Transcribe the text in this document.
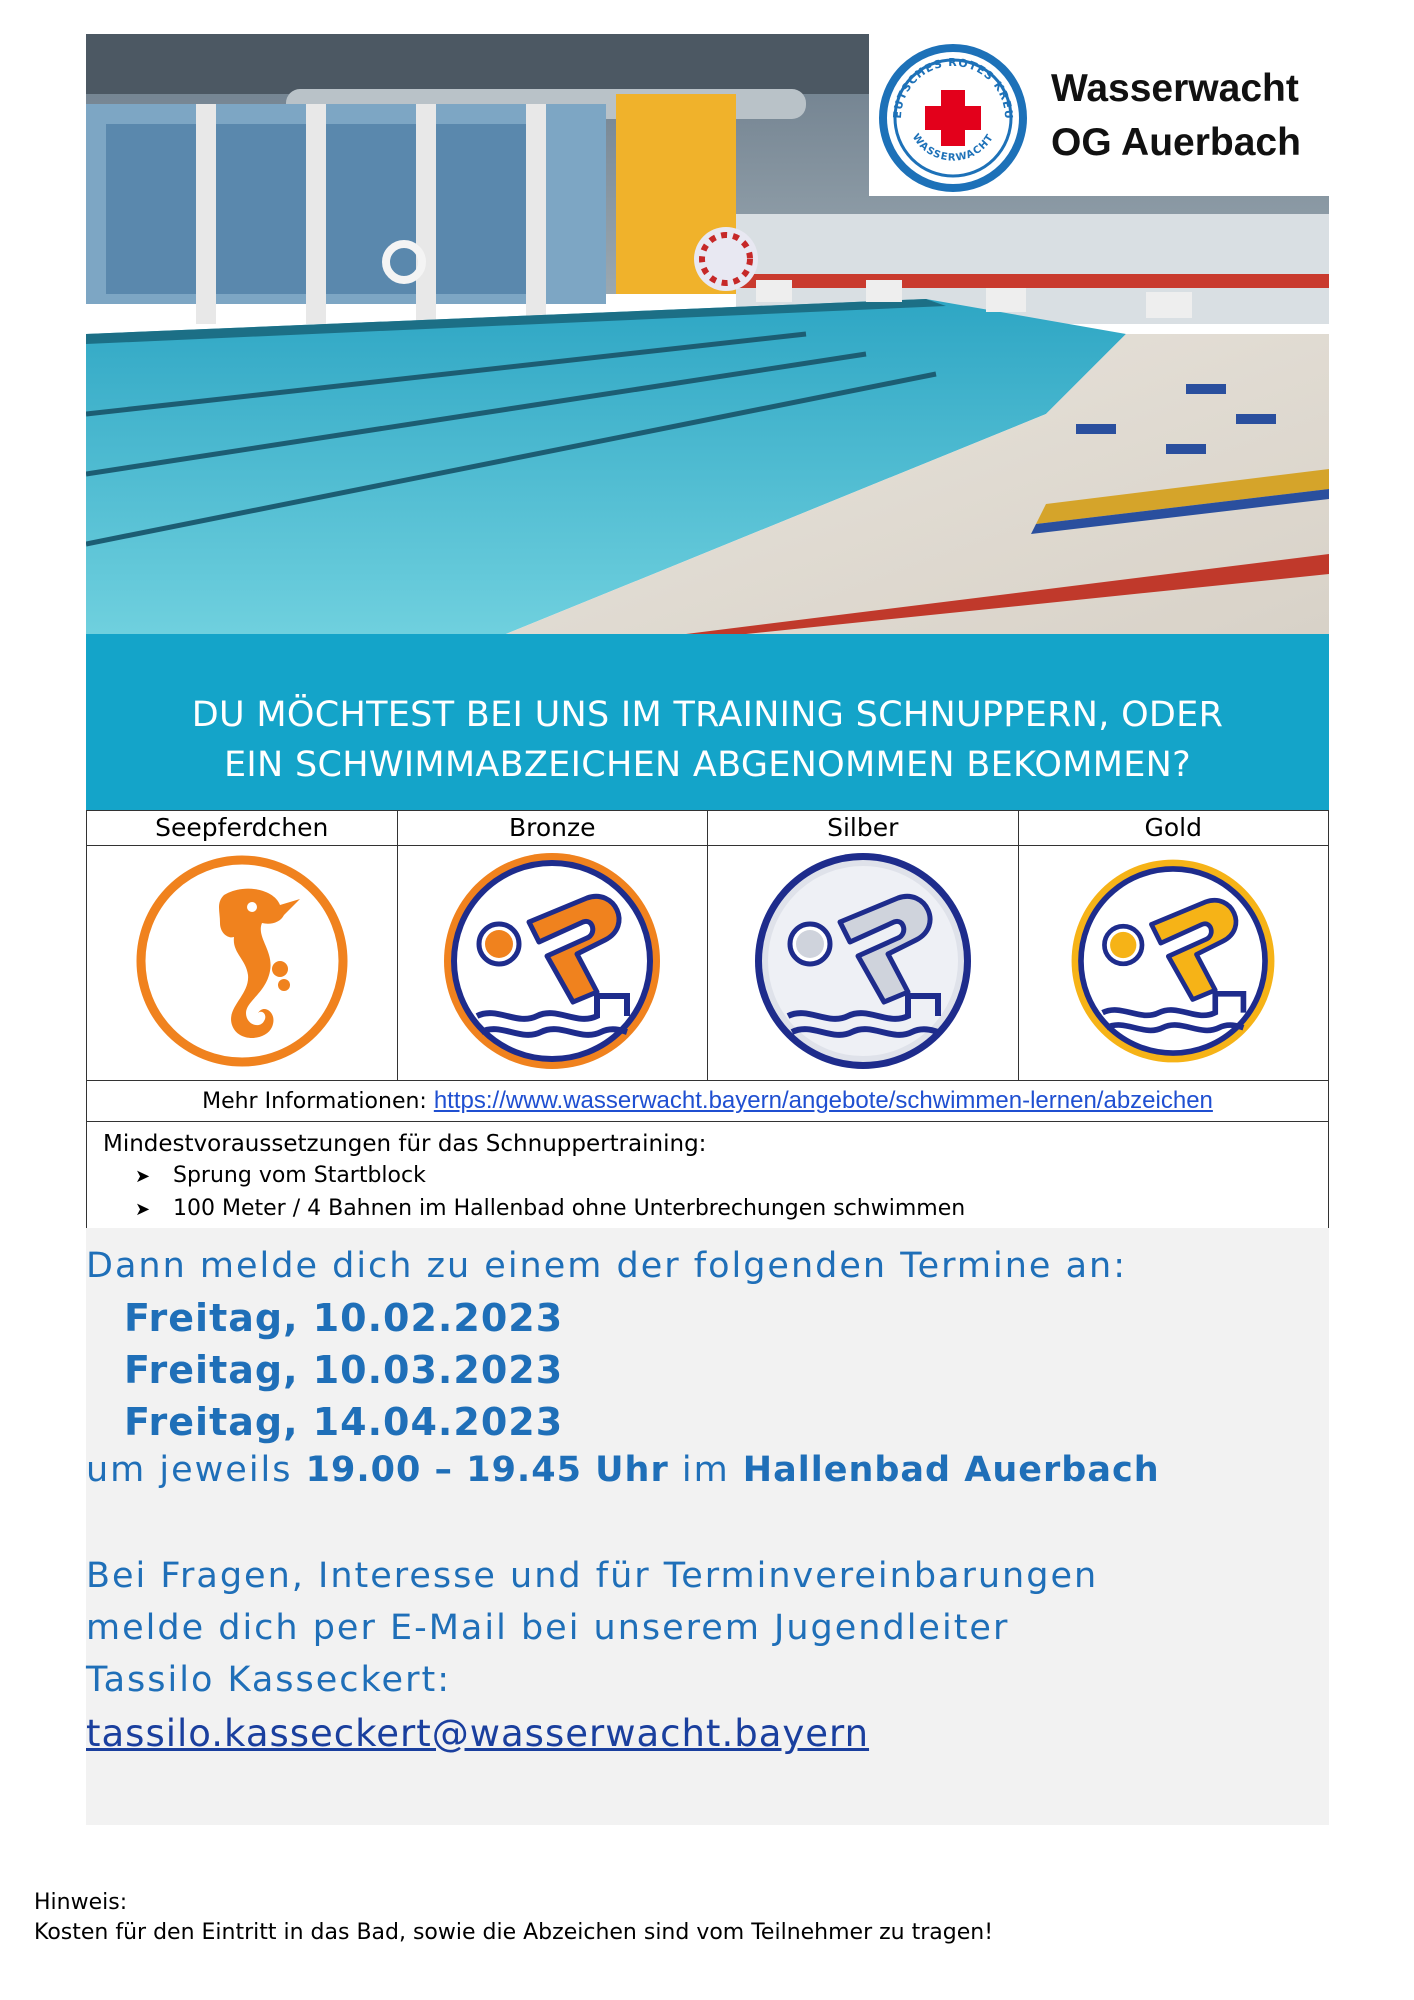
EUTSCHES ROTES KREU
WASSERWACHT
Wasserwacht
OG Auerbach
DU MÖCHTEST BEI UNS IM TRAINING SCHNUPPERN, ODER
EIN SCHWIMMABZEICHEN ABGENOMMEN BEKOMMEN?
Seepferdchen	Bronze	Silber	Gold

Mehr Informationen: https://www.wasserwacht.bayern/angebote/schwimmen-lernen/abzeichen			

Mindestvoraussetzungen für das Schnuppertraining:
➤ Sprung vom Startblock
➤ 100 Meter / 4 Bahnen im Hallenbad ohne Unterbrechungen schwimmen			
Dann melde dich zu einem der folgenden Termine an:
Freitag, 10.02.2023
Freitag, 10.03.2023
Freitag, 14.04.2023
um jeweils 19.00 – 19.45 Uhr im Hallenbad Auerbach
Bei Fragen, Interesse und für Terminvereinbarungen
melde dich per E-Mail bei unserem Jugendleiter
Tassilo Kasseckert:
tassilo.kasseckert@wasserwacht.bayern
Hinweis:
Kosten für den Eintritt in das Bad, sowie die Abzeichen sind vom Teilnehmer zu tragen!
